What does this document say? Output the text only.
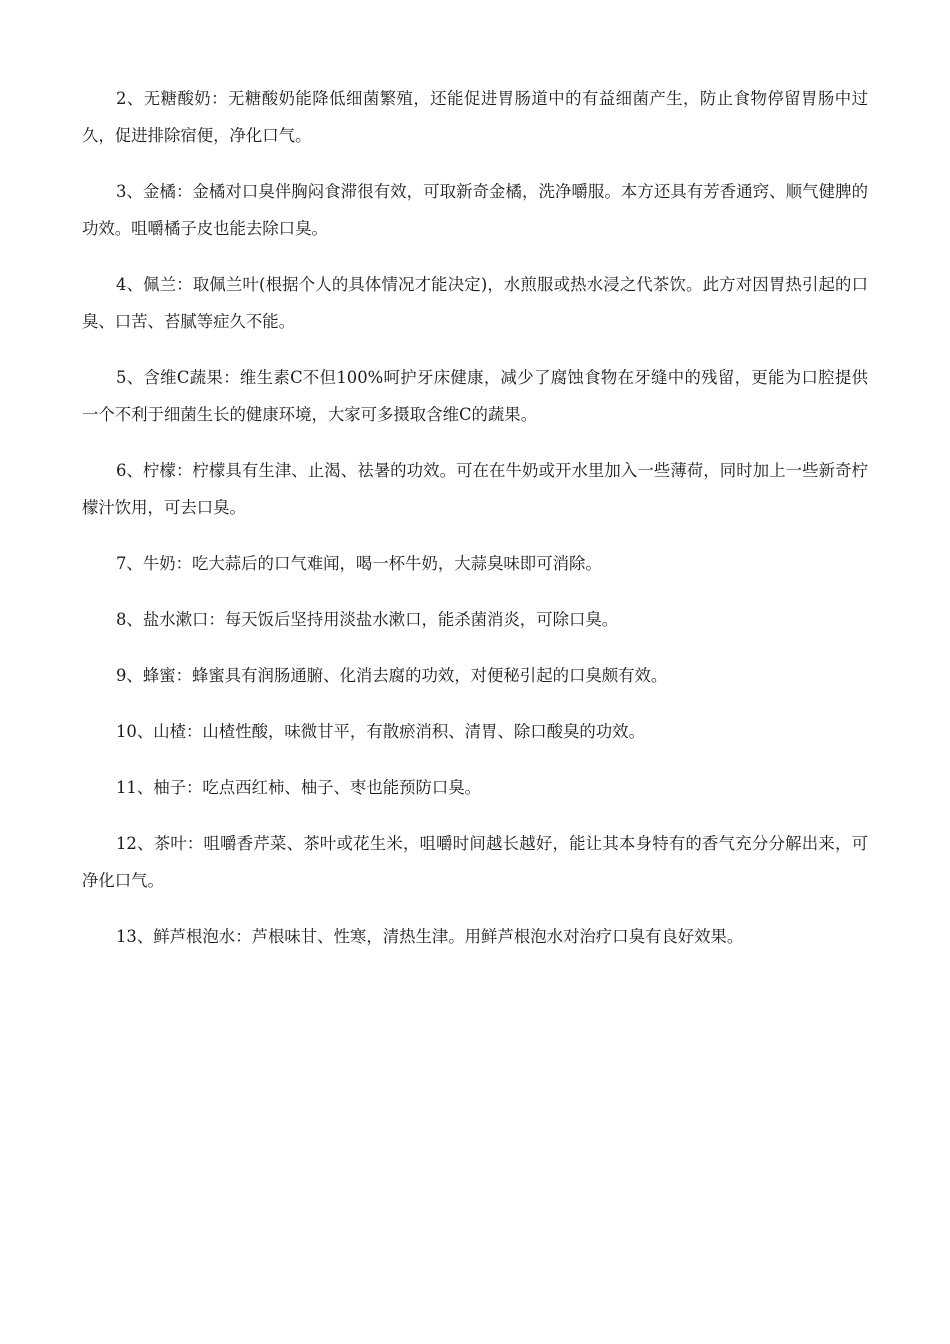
2、无糖酸奶：无糖酸奶能降低细菌繁殖，还能促进胃肠道中的有益细菌产生，防止食物停留胃肠中过久，促进排除宿便，净化口气。

3、金橘：金橘对口臭伴胸闷食滞很有效，可取新奇金橘，洗净嚼服。本方还具有芳香通窍、顺气健脾的功效。咀嚼橘子皮也能去除口臭。

4、佩兰：取佩兰叶(根据个人的具体情况才能决定)，水煎服或热水浸之代茶饮。此方对因胃热引起的口臭、口苦、苔腻等症久不能。

5、含维C蔬果：维生素C不但100%呵护牙床健康，减少了腐蚀食物在牙缝中的残留，更能为口腔提供一个不利于细菌生长的健康环境，大家可多摄取含维C的蔬果。

6、柠檬：柠檬具有生津、止渴、祛暑的功效。可在在牛奶或开水里加入一些薄荷，同时加上一些新奇柠檬汁饮用，可去口臭。

7、牛奶：吃大蒜后的口气难闻，喝一杯牛奶，大蒜臭味即可消除。

8、盐水漱口：每天饭后坚持用淡盐水漱口，能杀菌消炎，可除口臭。

9、蜂蜜：蜂蜜具有润肠通腑、化消去腐的功效，对便秘引起的口臭颇有效。

10、山楂：山楂性酸，味微甘平，有散瘀消积、清胃、除口酸臭的功效。

11、柚子：吃点西红柿、柚子、枣也能预防口臭。

12、茶叶：咀嚼香芹菜、茶叶或花生米，咀嚼时间越长越好，能让其本身特有的香气充分分解出来，可净化口气。

13、鲜芦根泡水：芦根味甘、性寒，清热生津。用鲜芦根泡水对治疗口臭有良好效果。
